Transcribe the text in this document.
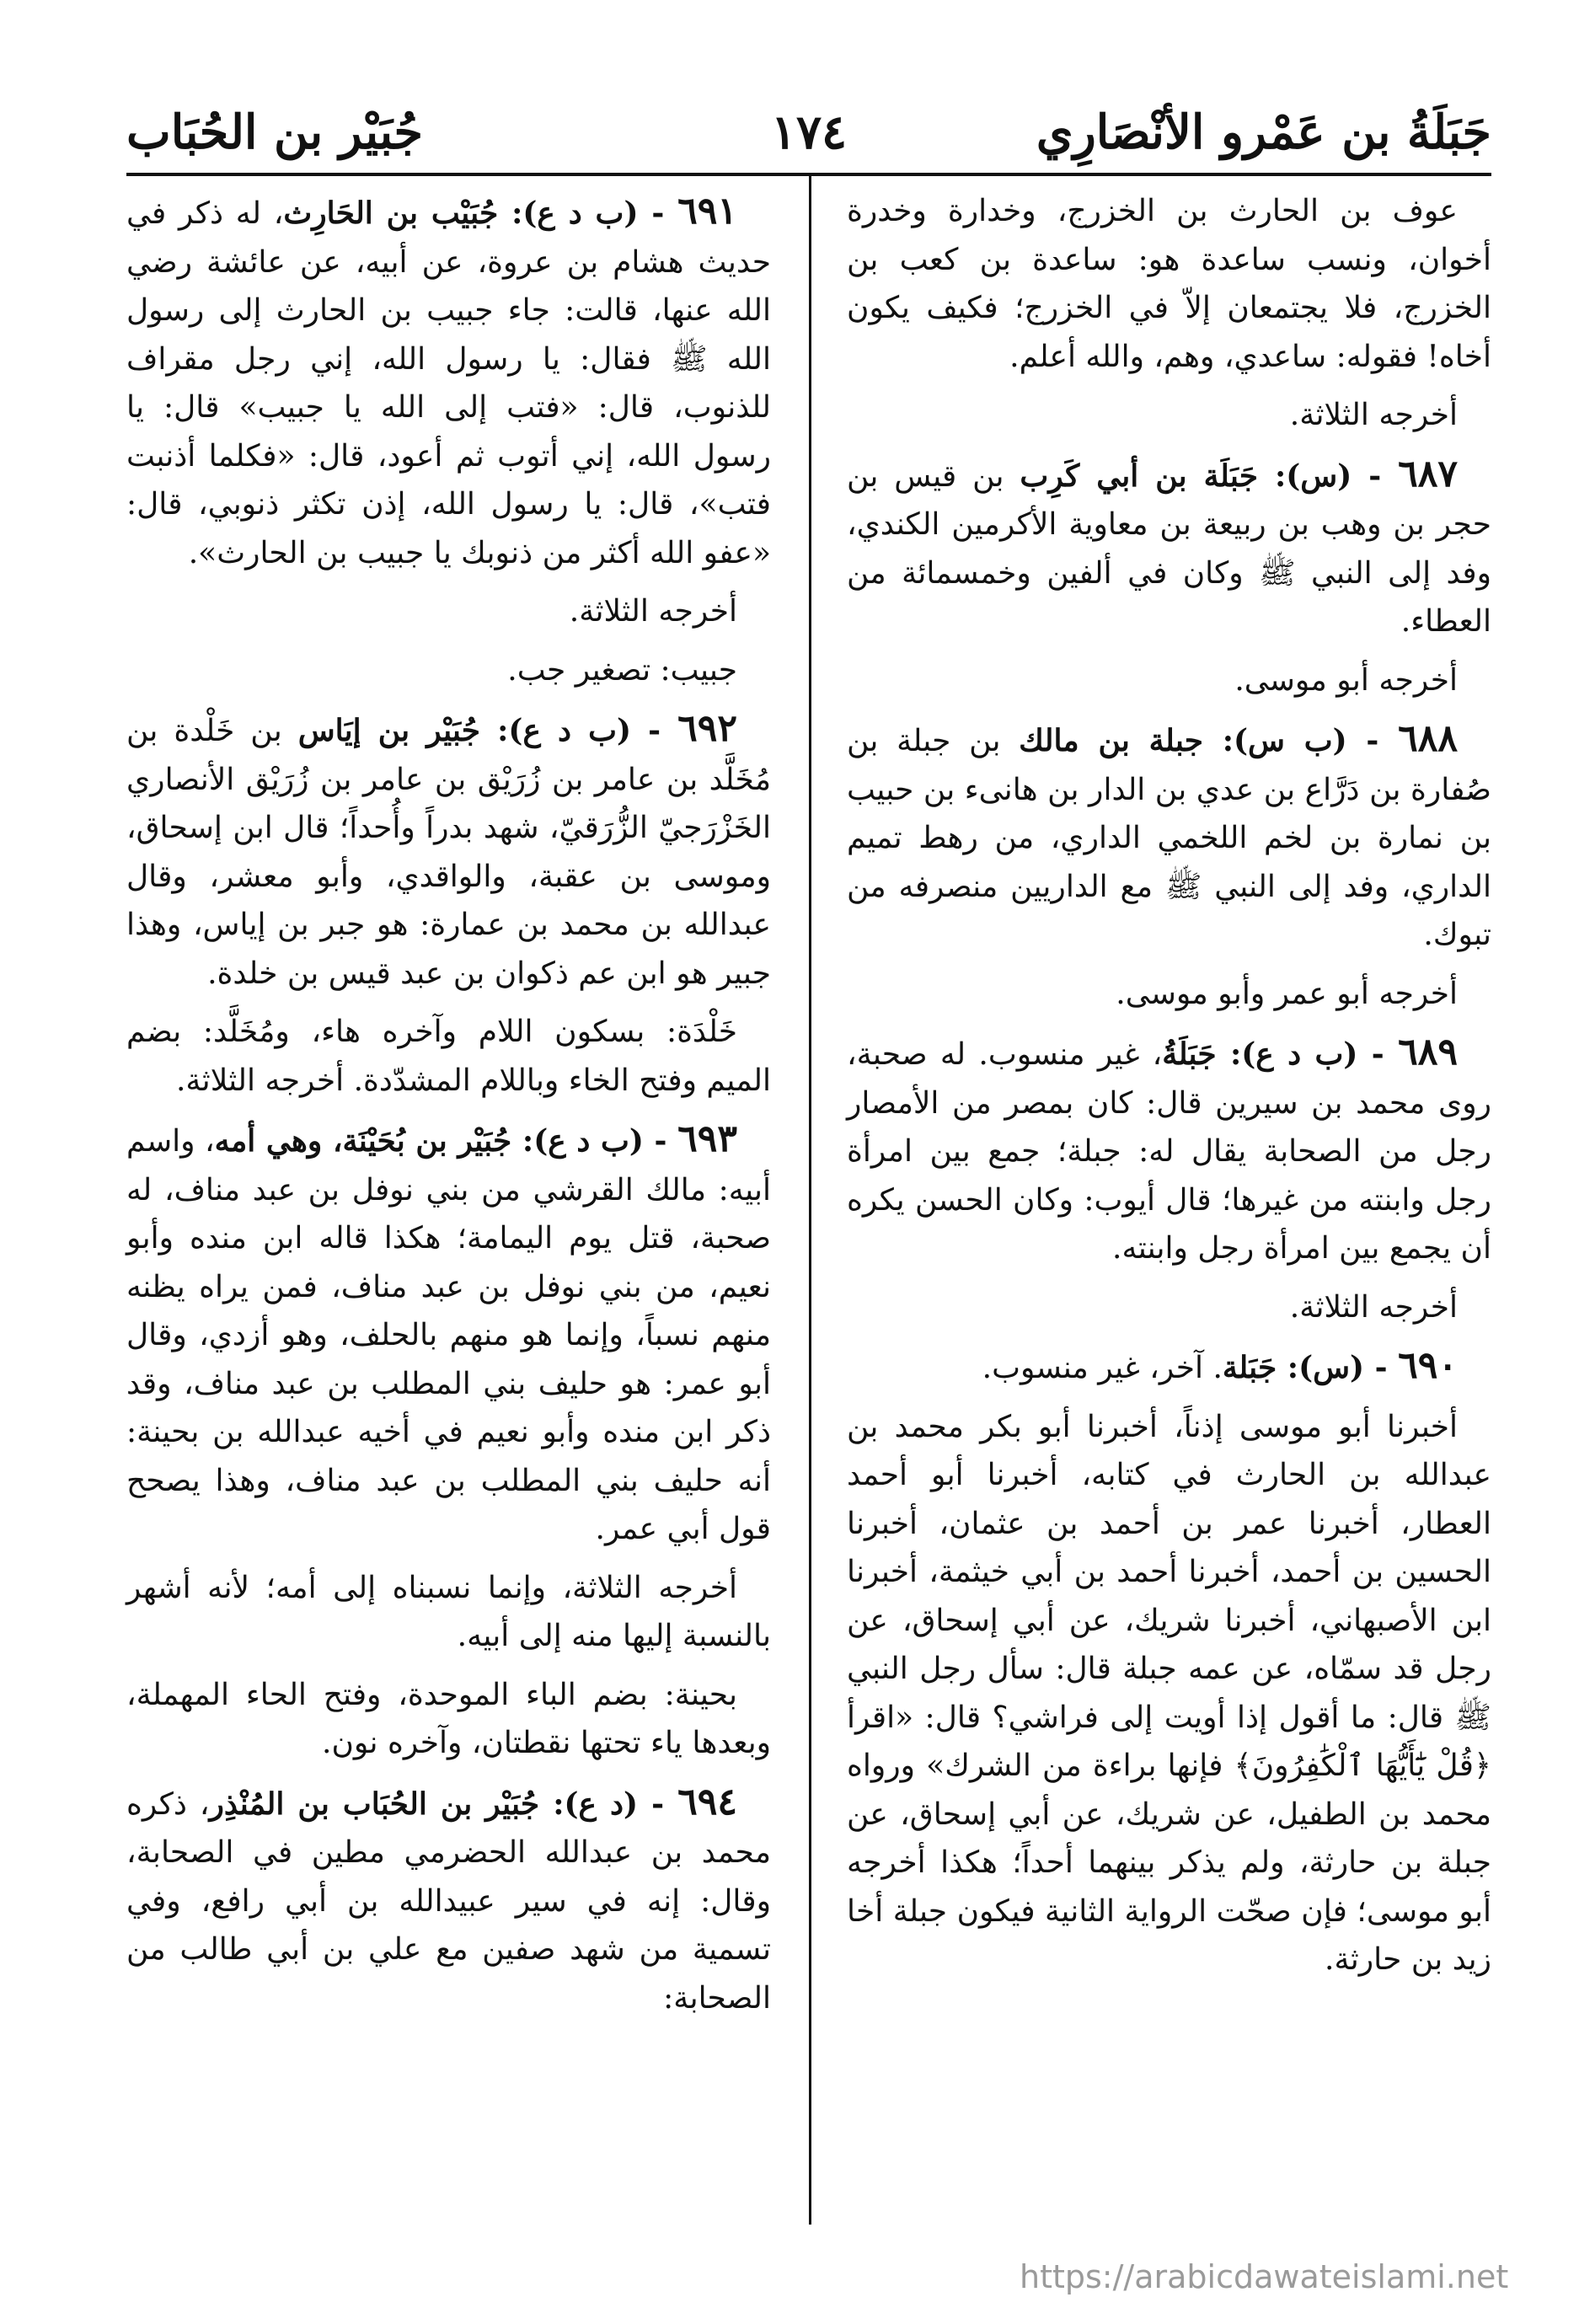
جَبَلَةُ بن عَمْرو الأنْصَارِي
١٧٤
جُبَيْر بن الحُبَاب

عوف بن الحارث بن الخزرج، وخدارة وخدرة أخوان، ونسب ساعدة هو: ساعدة بن كعب بن الخزرج، فلا يجتمعان إلاّ في الخزرج؛ فكيف يكون أخاه! فقوله: ساعدي، وهم، والله أعلم.

أخرجه الثلاثة.

٦٨٧ - (س): جَبَلَة بن أبي كَرِب بن قيس بن حجر بن وهب بن ربيعة بن معاوية الأكرمين الكندي، وفد إلى النبي ﷺ وكان في ألفين وخمسمائة من العطاء.

أخرجه أبو موسى.

٦٨٨ - (ب س): جبلة بن مالك بن جبلة بن صُفارة بن دَرَّاع بن عدي بن الدار بن هانىء بن حبيب بن نمارة بن لخم اللخمي الداري، من رهط تميم الداري، وفد إلى النبي ﷺ مع الداريين منصرفه من تبوك.

أخرجه أبو عمر وأبو موسى.

٦٨٩ - (ب د ع): جَبَلَةُ، غير منسوب. له صحبة، روى محمد بن سيرين قال: كان بمصر من الأمصار رجل من الصحابة يقال له: جبلة؛ جمع بين امرأة رجل وابنته من غيرها؛ قال أيوب: وكان الحسن يكره أن يجمع بين امرأة رجل وابنته.

أخرجه الثلاثة.

٦٩٠ - (س): جَبَلة. آخر، غير منسوب.

أخبرنا أبو موسى إذناً، أخبرنا أبو بكر محمد بن عبدالله بن الحارث في كتابه، أخبرنا أبو أحمد العطار، أخبرنا عمر بن أحمد بن عثمان، أخبرنا الحسين بن أحمد، أخبرنا أحمد بن أبي خيثمة، أخبرنا ابن الأصبهاني، أخبرنا شريك، عن أبي إسحاق، عن رجل قد سمّاه، عن عمه جبلة قال: سأل رجل النبي ﷺ قال: ما أقول إذا أويت إلى فراشي؟ قال: «اقرأ ﴿قُلْ يَٰٓأَيُّهَا ٱلْكَٰفِرُونَ﴾ فإنها براءة من الشرك» ورواه محمد بن الطفيل، عن شريك، عن أبي إسحاق، عن جبلة بن حارثة، ولم يذكر بينهما أحداً؛ هكذا أخرجه أبو موسى؛ فإن صحّت الرواية الثانية فيكون جبلة أخا زيد بن حارثة.

٦٩١ - (ب د ع): جُبَيْب بن الحَارِث، له ذكر في حديث هشام بن عروة، عن أبيه، عن عائشة رضي الله عنها، قالت: جاء جبيب بن الحارث إلى رسول الله ﷺ فقال: يا رسول الله، إني رجل مقراف للذنوب، قال: «فتب إلى الله يا جبيب» قال: يا رسول الله، إني أتوب ثم أعود، قال: «فكلما أذنبت فتب»، قال: يا رسول الله، إذن تكثر ذنوبي، قال: «عفو الله أكثر من ذنوبك يا جبيب بن الحارث».

أخرجه الثلاثة.

جبيب: تصغير جب.

٦٩٢ - (ب د ع): جُبَيْر بن إيَاس بن خَلْدة بن مُخَلَّد بن عامر بن زُرَيْق بن عامر بن زُرَيْق الأنصاري الخَزْرَجيّ الزُّرَقيّ، شهد بدراً وأُحداً؛ قال ابن إسحاق، وموسى بن عقبة، والواقدي، وأبو معشر، وقال عبدالله بن محمد بن عمارة: هو جبر بن إياس، وهذا جبير هو ابن عم ذكوان بن عبد قيس بن خلدة.

خَلْدَة: بسكون اللام وآخره هاء، ومُخَلَّد: بضم الميم وفتح الخاء وباللام المشدّدة. أخرجه الثلاثة.

٦٩٣ - (ب د ع): جُبَيْر بن بُحَيْنَة، وهي أمه، واسم أبيه: مالك القرشي من بني نوفل بن عبد مناف، له صحبة، قتل يوم اليمامة؛ هكذا قاله ابن منده وأبو نعيم، من بني نوفل بن عبد مناف، فمن يراه يظنه منهم نسباً، وإنما هو منهم بالحلف، وهو أزدي، وقال أبو عمر: هو حليف بني المطلب بن عبد مناف، وقد ذكر ابن منده وأبو نعيم في أخيه عبدالله بن بحينة: أنه حليف بني المطلب بن عبد مناف، وهذا يصحح قول أبي عمر.

أخرجه الثلاثة، وإنما نسبناه إلى أمه؛ لأنه أشهر بالنسبة إليها منه إلى أبيه.

بحينة: بضم الباء الموحدة، وفتح الحاء المهملة، وبعدها ياء تحتها نقطتان، وآخره نون.

٦٩٤ - (د ع): جُبَيْر بن الحُبَاب بن المُنْذِر، ذكره محمد بن عبدالله الحضرمي مطين في الصحابة، وقال: إنه في سير عبيدالله بن أبي رافع، وفي تسمية من شهد صفين مع علي بن أبي طالب من الصحابة:

https://arabicdawateislami.net
